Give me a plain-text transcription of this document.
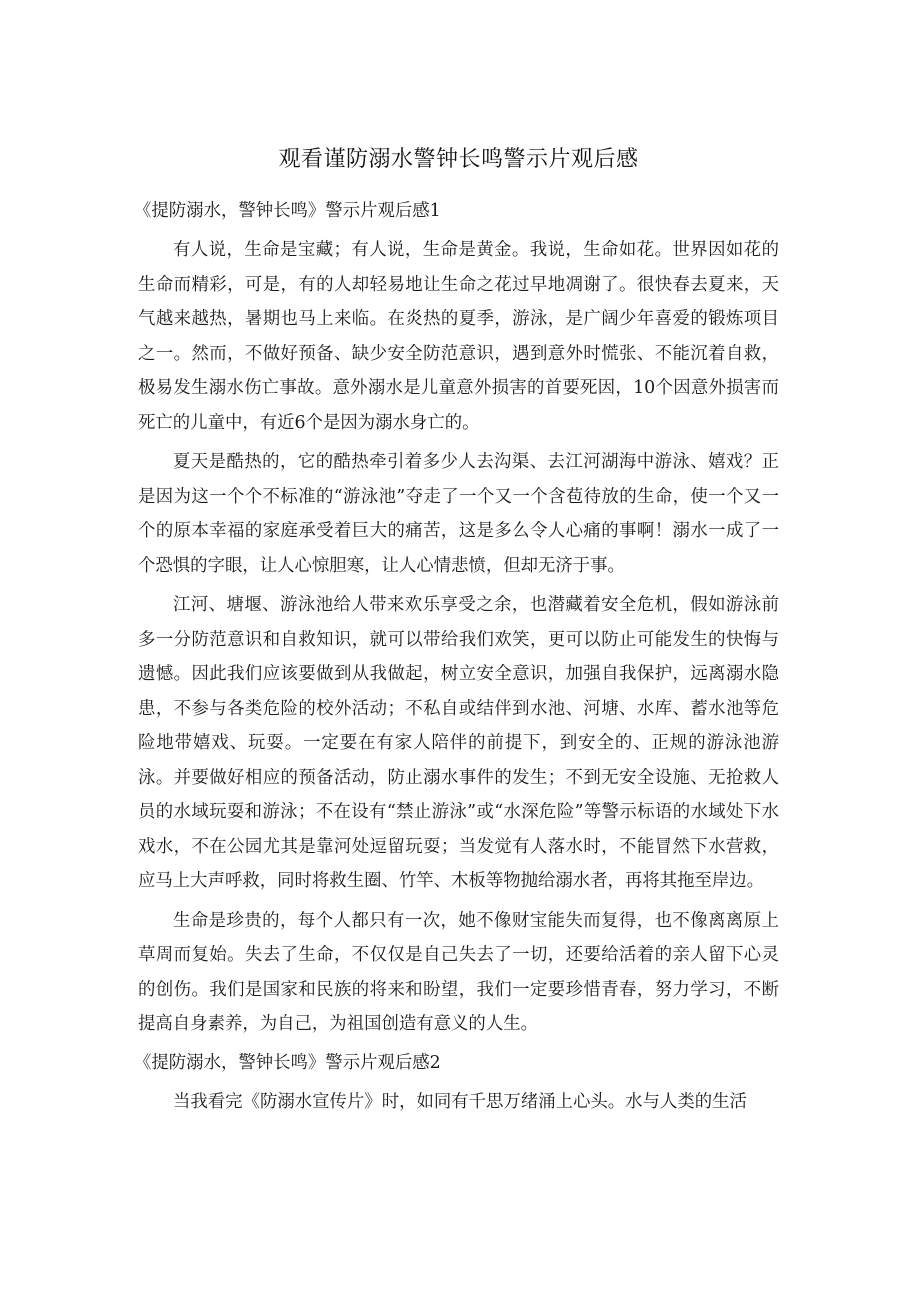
观看谨防溺水警钟长鸣警示片观后感

《提防溺水，警钟长鸣》警示片观后感1

有人说，生命是宝藏；有人说，生命是黄金。我说，生命如花。世界因如花的生命而精彩，可是，有的人却轻易地让生命之花过早地凋谢了。很快春去夏来，天气越来越热，暑期也马上来临。在炎热的夏季，游泳，是广阔少年喜爱的锻炼项目之一。然而，不做好预备、缺少安全防范意识，遇到意外时慌张、不能沉着自救，极易发生溺水伤亡事故。意外溺水是儿童意外损害的首要死因，10个因意外损害而死亡的儿童中，有近6个是因为溺水身亡的。

夏天是酷热的，它的酷热牵引着多少人去沟渠、去江河湖海中游泳、嬉戏？正是因为这一个个不标准的“游泳池”夺走了一个又一个含苞待放的生命，使一个又一个的原本幸福的家庭承受着巨大的痛苦，这是多么令人心痛的事啊！溺水一成了一个恐惧的字眼，让人心惊胆寒，让人心情悲愤，但却无济于事。

江河、塘堰、游泳池给人带来欢乐享受之余，也潜藏着安全危机，假如游泳前多一分防范意识和自救知识，就可以带给我们欢笑，更可以防止可能发生的快悔与遗憾。因此我们应该要做到从我做起，树立安全意识，加强自我保护，远离溺水隐患，不参与各类危险的校外活动；不私自或结伴到水池、河塘、水库、蓄水池等危险地带嬉戏、玩耍。一定要在有家人陪伴的前提下，到安全的、正规的游泳池游泳。并要做好相应的预备活动，防止溺水事件的发生；不到无安全设施、无抢救人员的水域玩耍和游泳；不在设有“禁止游泳”或“水深危险”等警示标语的水域处下水戏水，不在公园尤其是靠河处逗留玩耍；当发觉有人落水时，不能冒然下水营救，应马上大声呼救，同时将救生圈、竹竿、木板等物抛给溺水者，再将其拖至岸边。

生命是珍贵的，每个人都只有一次，她不像财宝能失而复得，也不像离离原上草周而复始。失去了生命，不仅仅是自己失去了一切，还要给活着的亲人留下心灵的创伤。我们是国家和民族的将来和盼望，我们一定要珍惜青春，努力学习，不断提高自身素养，为自己，为祖国创造有意义的人生。

《提防溺水，警钟长鸣》警示片观后感2

当我看完《防溺水宣传片》时，如同有千思万绪涌上心头。水与人类的生活
